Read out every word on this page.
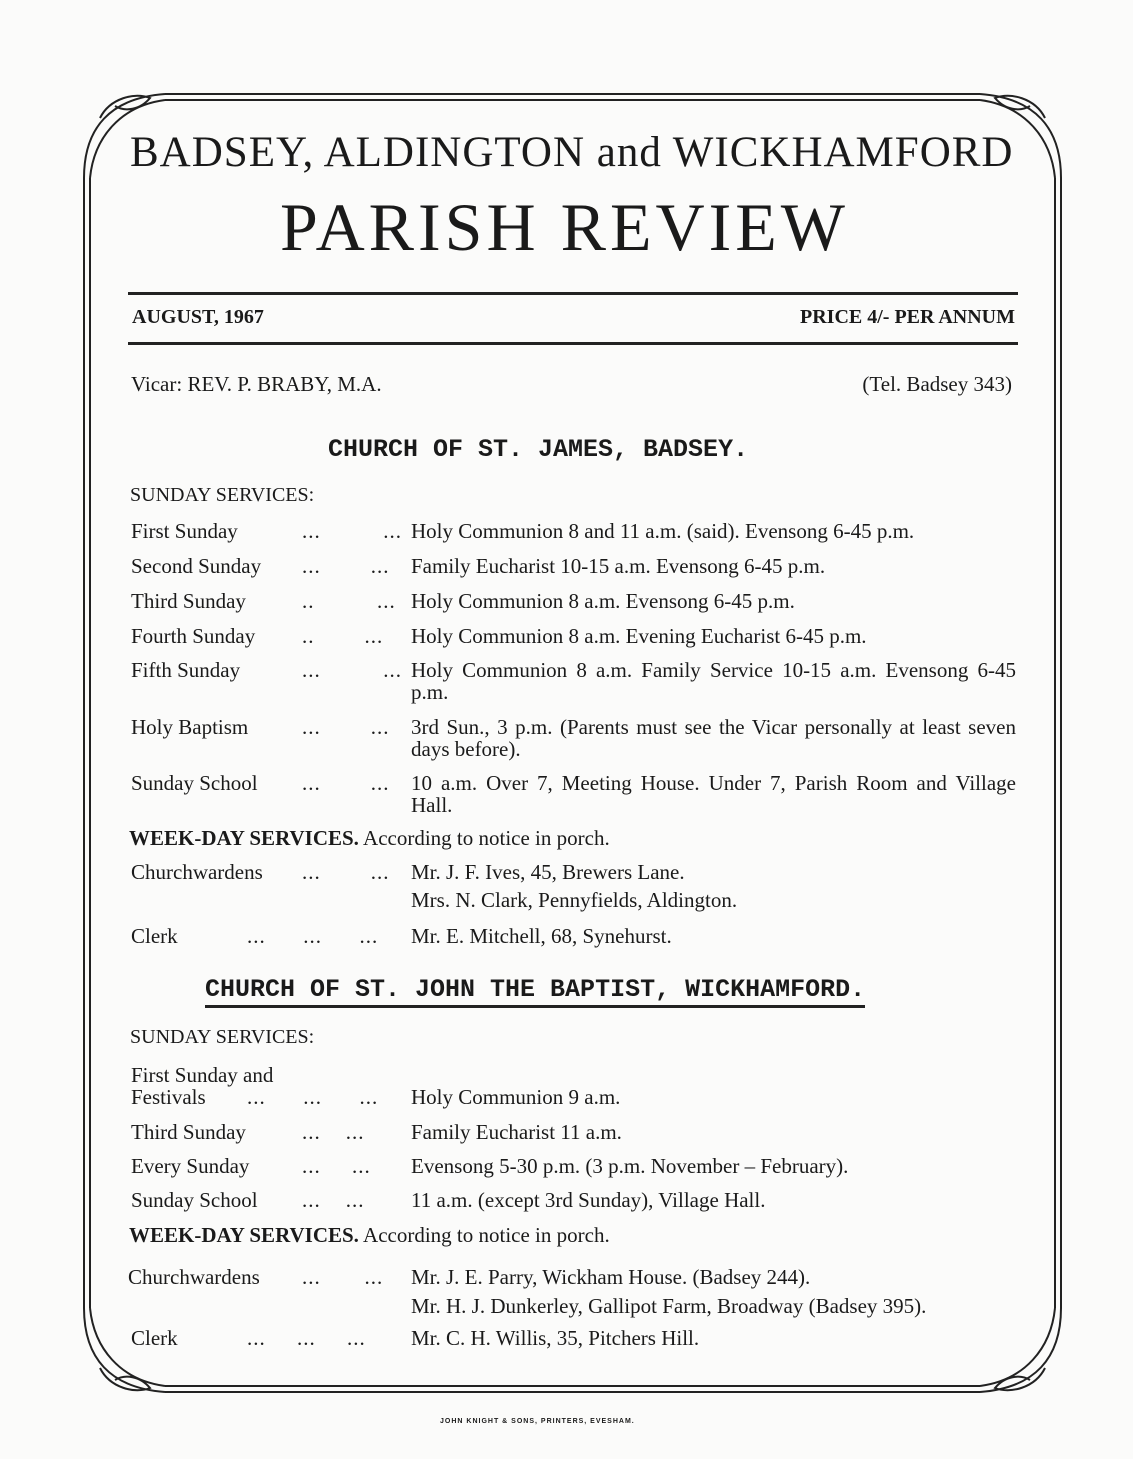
BADSEY, ALDINGTON and WICKHAMFORD
PARISH REVIEW
AUGUST, 1967	PRICE 4/- PER ANNUM
Vicar: REV. P. BRABY, M.A.	(Tel. Badsey 343)
CHURCH OF ST. JAMES, BADSEY.
SUNDAY SERVICES:
First Sunday	...          ... Holy Communion 8 and 11 a.m. (said). Evensong 6-45 p.m.
Second Sunday ...        ... Family Eucharist 10-15 a.m. Evensong 6-45 p.m.
Third Sunday	..          ... Holy Communion 8 a.m. Evensong 6-45 p.m.
Fourth Sunday ..        ... Holy Communion 8 a.m. Evening Eucharist 6-45 p.m.
Fifth Sunday	...          ... Holy Communion 8 a.m. Family Service 10-15 a.m. Evensong 6-45 p.m.
Holy Baptism	...        ... 3rd Sun., 3 p.m. (Parents must see the Vicar personally at least seven days before).
Sunday School ...        ... 10 a.m. Over 7, Meeting House. Under 7, Parish Room and Village Hall.
WEEK-DAY SERVICES. According to notice in porch.
Churchwardens ...        ... Mr. J. F. Ives, 45, Brewers Lane.
Mrs. N. Clark, Pennyfields, Aldington.
Clerk	...      ...      ... Mr. E. Mitchell, 68, Synehurst.
CHURCH OF ST. JOHN THE BAPTIST, WICKHAMFORD.
SUNDAY SERVICES:
First Sunday and
Festivals ...      ...      ... Holy Communion 9 a.m.
Third Sunday	...    ... Family Eucharist 11 a.m.
Every Sunday	...     ... Evensong 5-30 p.m. (3 p.m. November – February).
Sunday School ...    ... 11 a.m. (except 3rd Sunday), Village Hall.
WEEK-DAY SERVICES. According to notice in porch.
Churchwardens ...       ... Mr. J. E. Parry, Wickham House. (Badsey 244).
Mr. H. J. Dunkerley, Gallipot Farm, Broadway (Badsey 395).
Clerk	...     ...     ... Mr. C. H. Willis, 35, Pitchers Hill.
JOHN KNIGHT & SONS, PRINTERS, EVESHAM.
